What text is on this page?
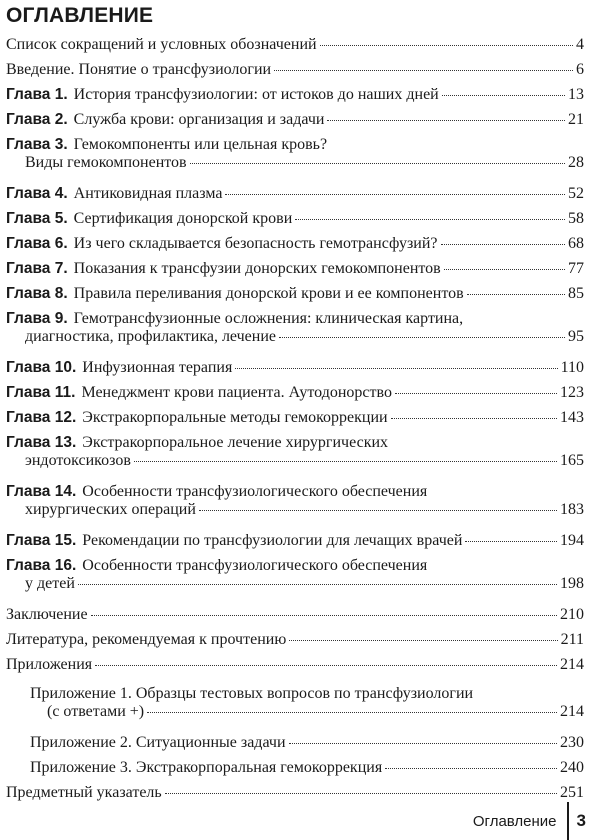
ОГЛАВЛЕНИЕ
Список сокращений и условных обозначений	4
Введение. Понятие о трансфузиологии	6
Глава 1. История трансфузиологии: от истоков до наших дней	13
Глава 2. Служба крови: организация и задачи	21
Глава 3. Гемокомпоненты или цельная кровь?
Виды гемокомпонентов	28
Глава 4. Антиковидная плазма	52
Глава 5. Сертификация донорской крови	58
Глава 6. Из чего складывается безопасность гемотрансфузий?	68
Глава 7. Показания к трансфузии донорских гемокомпонентов	77
Глава 8. Правила переливания донорской крови и ее компонентов	85
Глава 9. Гемотрансфузионные осложнения: клиническая картина,
диагностика, профилактика, лечение	95
Глава 10. Инфузионная терапия	110
Глава 11. Менеджмент крови пациента. Аутодонорство	123
Глава 12. Экстракорпоральные методы гемокоррекции	143
Глава 13. Экстракорпоральное лечение хирургических
эндотоксикозов	165
Глава 14. Особенности трансфузиологического обеспечения
хирургических операций	183
Глава 15. Рекомендации по трансфузиологии для лечащих врачей	194
Глава 16. Особенности трансфузиологического обеспечения
у детей	198
Заключение	210
Литература, рекомендуемая к прочтению	211
Приложения	214
Приложение 1. Образцы тестовых вопросов по трансфузиологии
(с ответами +)	214
Приложение 2. Ситуационные задачи	230
Приложение 3. Экстракорпоральная гемокоррекция	240
Предметный указатель	251
Оглавление 3
